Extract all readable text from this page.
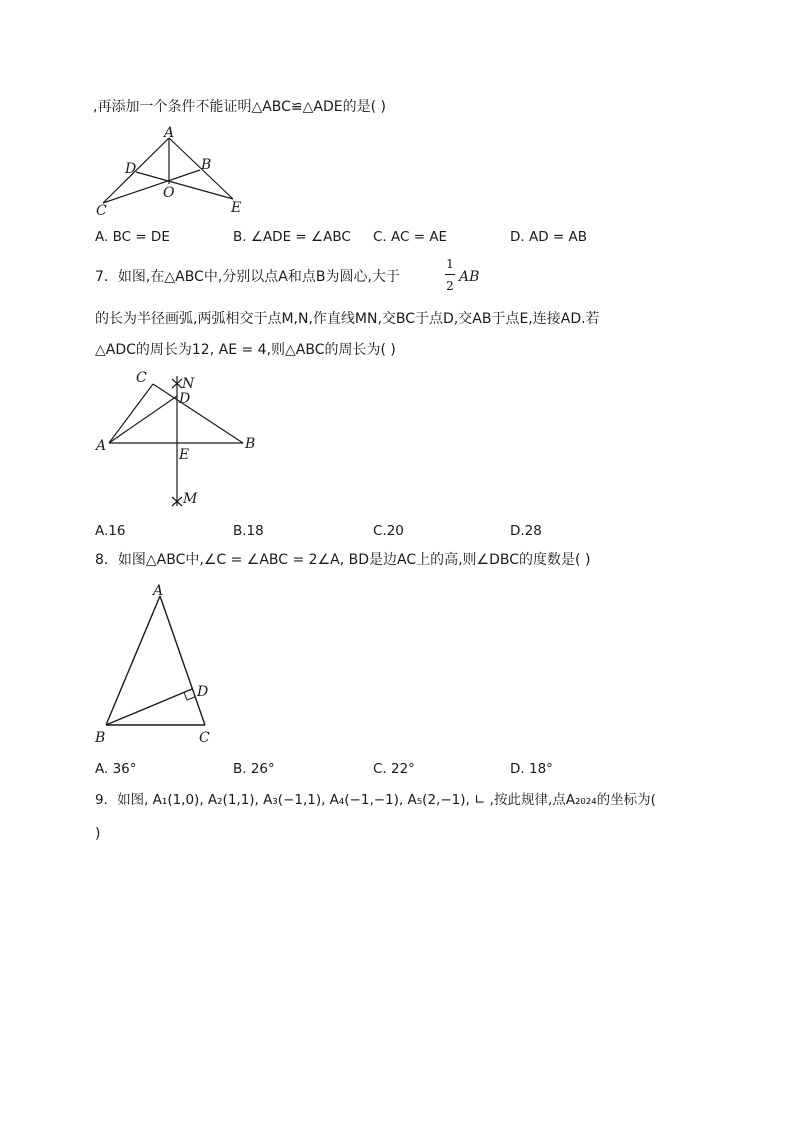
,再添加一个条件不能证明△ABC≌△ADE的是( )
A
B
D
O
C	E
A. BC = DE	B. ∠ADE = ∠ABC C. AC = AE	D. AD = AB
7．如图,在△ABC中,分别以点A和点B为圆心,大于
1
2
AB
的长为半径画弧,两弧相交于点M,N,作直线MN,交BC于点D,交AB于点E,连接AD.若
△ADC的周长为12, AE = 4,则△ABC的周长为( )
C	N
D
A	B
E
M
A.16	B.18	C.20	D.28
8．如图△ABC中,∠C = ∠ABC = 2∠A, BD是边AC上的高,则∠DBC的度数是( )
A
D
B	C
A. 36°	B. 26°	C. 22°	D. 18°
9．如图, A₁(1,0), A₂(1,1), A₃(−1,1), A₄(−1,−1), A₅(2,−1), ∟ ,按此规律,点A₂₀₂₄的坐标为(
)
